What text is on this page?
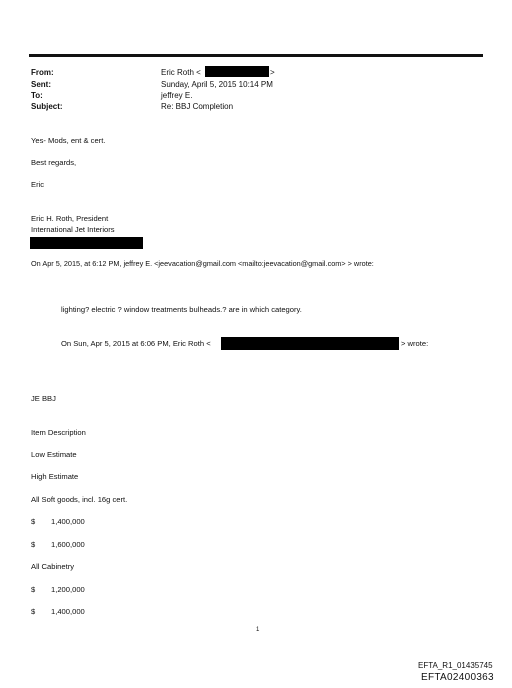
From:
Sent:
To:
Subject:
Eric Roth <	>
Sunday, April 5, 2015 10:14 PM
jeffrey E.
Re: BBJ Completion
Yes- Mods, ent & cert.
Best regards,
Eric
Eric H. Roth, President
International Jet Interiors
On Apr 5, 2015, at 6:12 PM, jeffrey E. <jeevacation@gmail.com <mailto:jeevacation@gmail.com> > wrote:
lighting? electric ? window treatments bulheads.? are in which category.
On Sun, Apr 5, 2015 at 6:06 PM, Eric Roth <	> wrote:
JE BBJ
Item Description
Low Estimate
High Estimate
All Soft goods, incl. 16g cert.
$ 1,400,000
$ 1,600,000
All Cabinetry
$ 1,200,000
$ 1,400,000
1
EFTA_R1_01435745
EFTA02400363
